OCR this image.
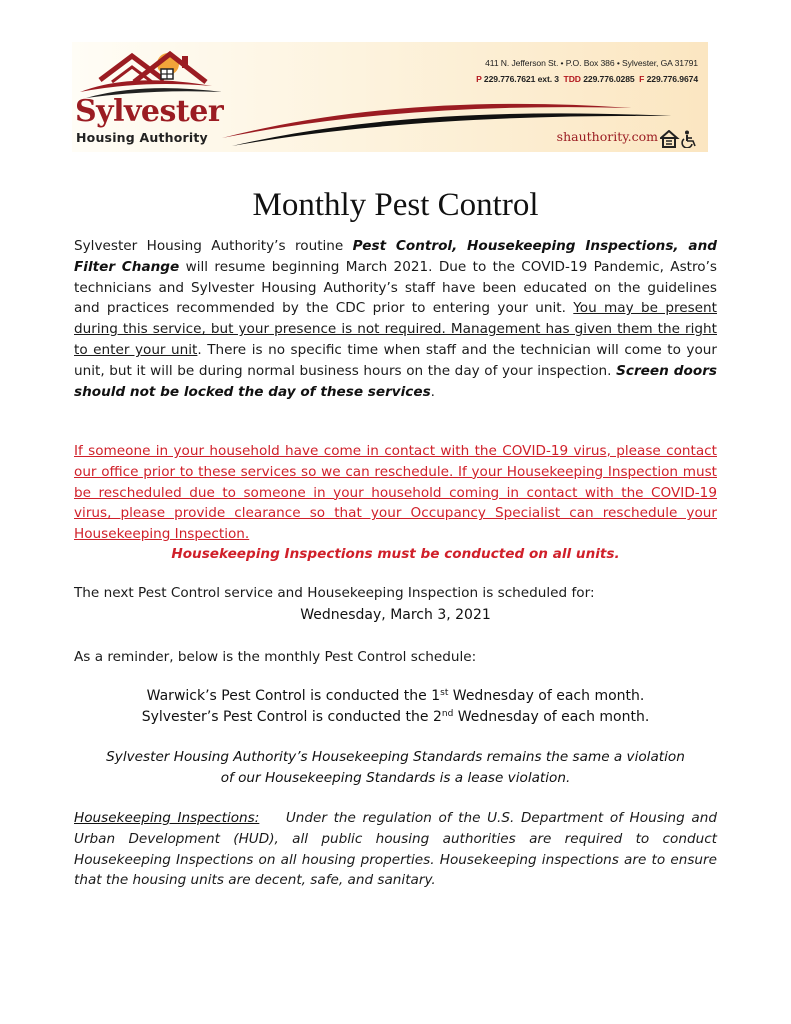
Sylvester

Housing Authority

411 N. Jefferson St. • P.O. Box 386 • Sylvester, GA 31791

P 229.776.7621 ext. 3 TDD 229.776.0285 F 229.776.9674

shauthority.com

Monthly Pest Control

Sylvester Housing Authority’s routine Pest Control, Housekeeping Inspections, and Filter Change will resume beginning March 2021. Due to the COVID-19 Pandemic, Astro’s technicians and Sylvester Housing Authority’s staff have been educated on the guidelines and practices recommended by the CDC prior to entering your unit. You may be present during this service, but your presence is not required. Management has given them the right to enter your unit. There is no specific time when staff and the technician will come to your unit, but it will be during normal business hours on the day of your inspection. Screen doors should not be locked the day of these services.

If someone in your household have come in contact with the COVID-19 virus, please contact our office prior to these services so we can reschedule. If your Housekeeping Inspection must be rescheduled due to someone in your household coming in contact with the COVID-19 virus, please provide clearance so that your Occupancy Specialist can reschedule your Housekeeping Inspection.

Housekeeping Inspections must be conducted on all units.

The next Pest Control service and Housekeeping Inspection is scheduled for:

Wednesday, March 3, 2021

As a reminder, below is the monthly Pest Control schedule:

Warwick’s Pest Control is conducted the 1st Wednesday of each month.

Sylvester’s Pest Control is conducted the 2nd Wednesday of each month.

Sylvester Housing Authority’s Housekeeping Standards remains the same a violation
of our Housekeeping Standards is a lease violation.

Housekeeping Inspections: Under the regulation of the U.S. Department of Housing and Urban Development (HUD), all public housing authorities are required to conduct Housekeeping Inspections on all housing properties. Housekeeping inspections are to ensure that the housing units are decent, safe, and sanitary.
